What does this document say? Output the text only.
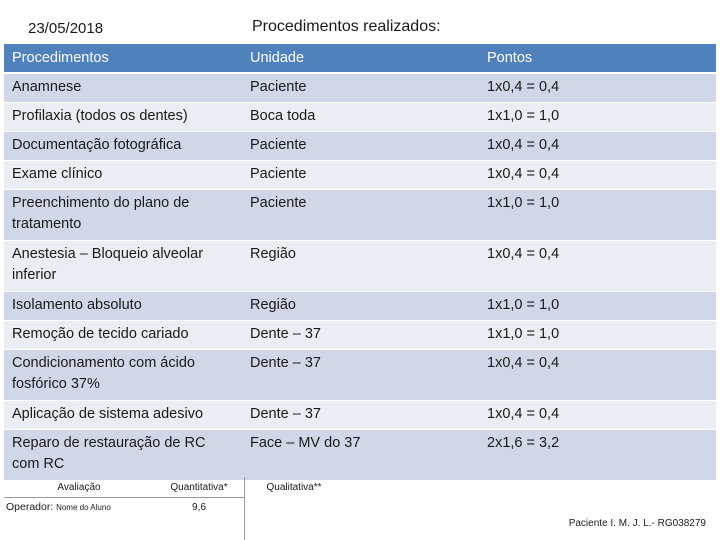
23/05/2018	Procedimentos realizados:
Procedimentos	Unidade	Pontos
Anamnese	Paciente	1x0,4 = 0,4
Profilaxia (todos os dentes)	Boca toda	1x1,0 = 1,0
Documentação fotográfica	Paciente	1x0,4 = 0,4
Exame clínico	Paciente	1x0,4 = 0,4
Preenchimento do plano de tratamento	Paciente	1x1,0 = 1,0
Anestesia – Bloqueio alveolar inferior	Região	1x0,4 = 0,4
Isolamento absoluto	Região	1x1,0 = 1,0
Remoção de tecido cariado	Dente – 37	1x1,0 = 1,0
Condicionamento com ácido fosfórico 37%	Dente – 37	1x0,4 = 0,4
Aplicação de sistema adesivo	Dente – 37	1x0,4 = 0,4
Reparo de restauração de RC com RC	Face – MV do 37	2x1,6 = 3,2
Avaliação	Quantitativa*	Qualitativa**
Operador: Nome do Aluno	9,6	
Paciente I. M. J. L.- RG038279
